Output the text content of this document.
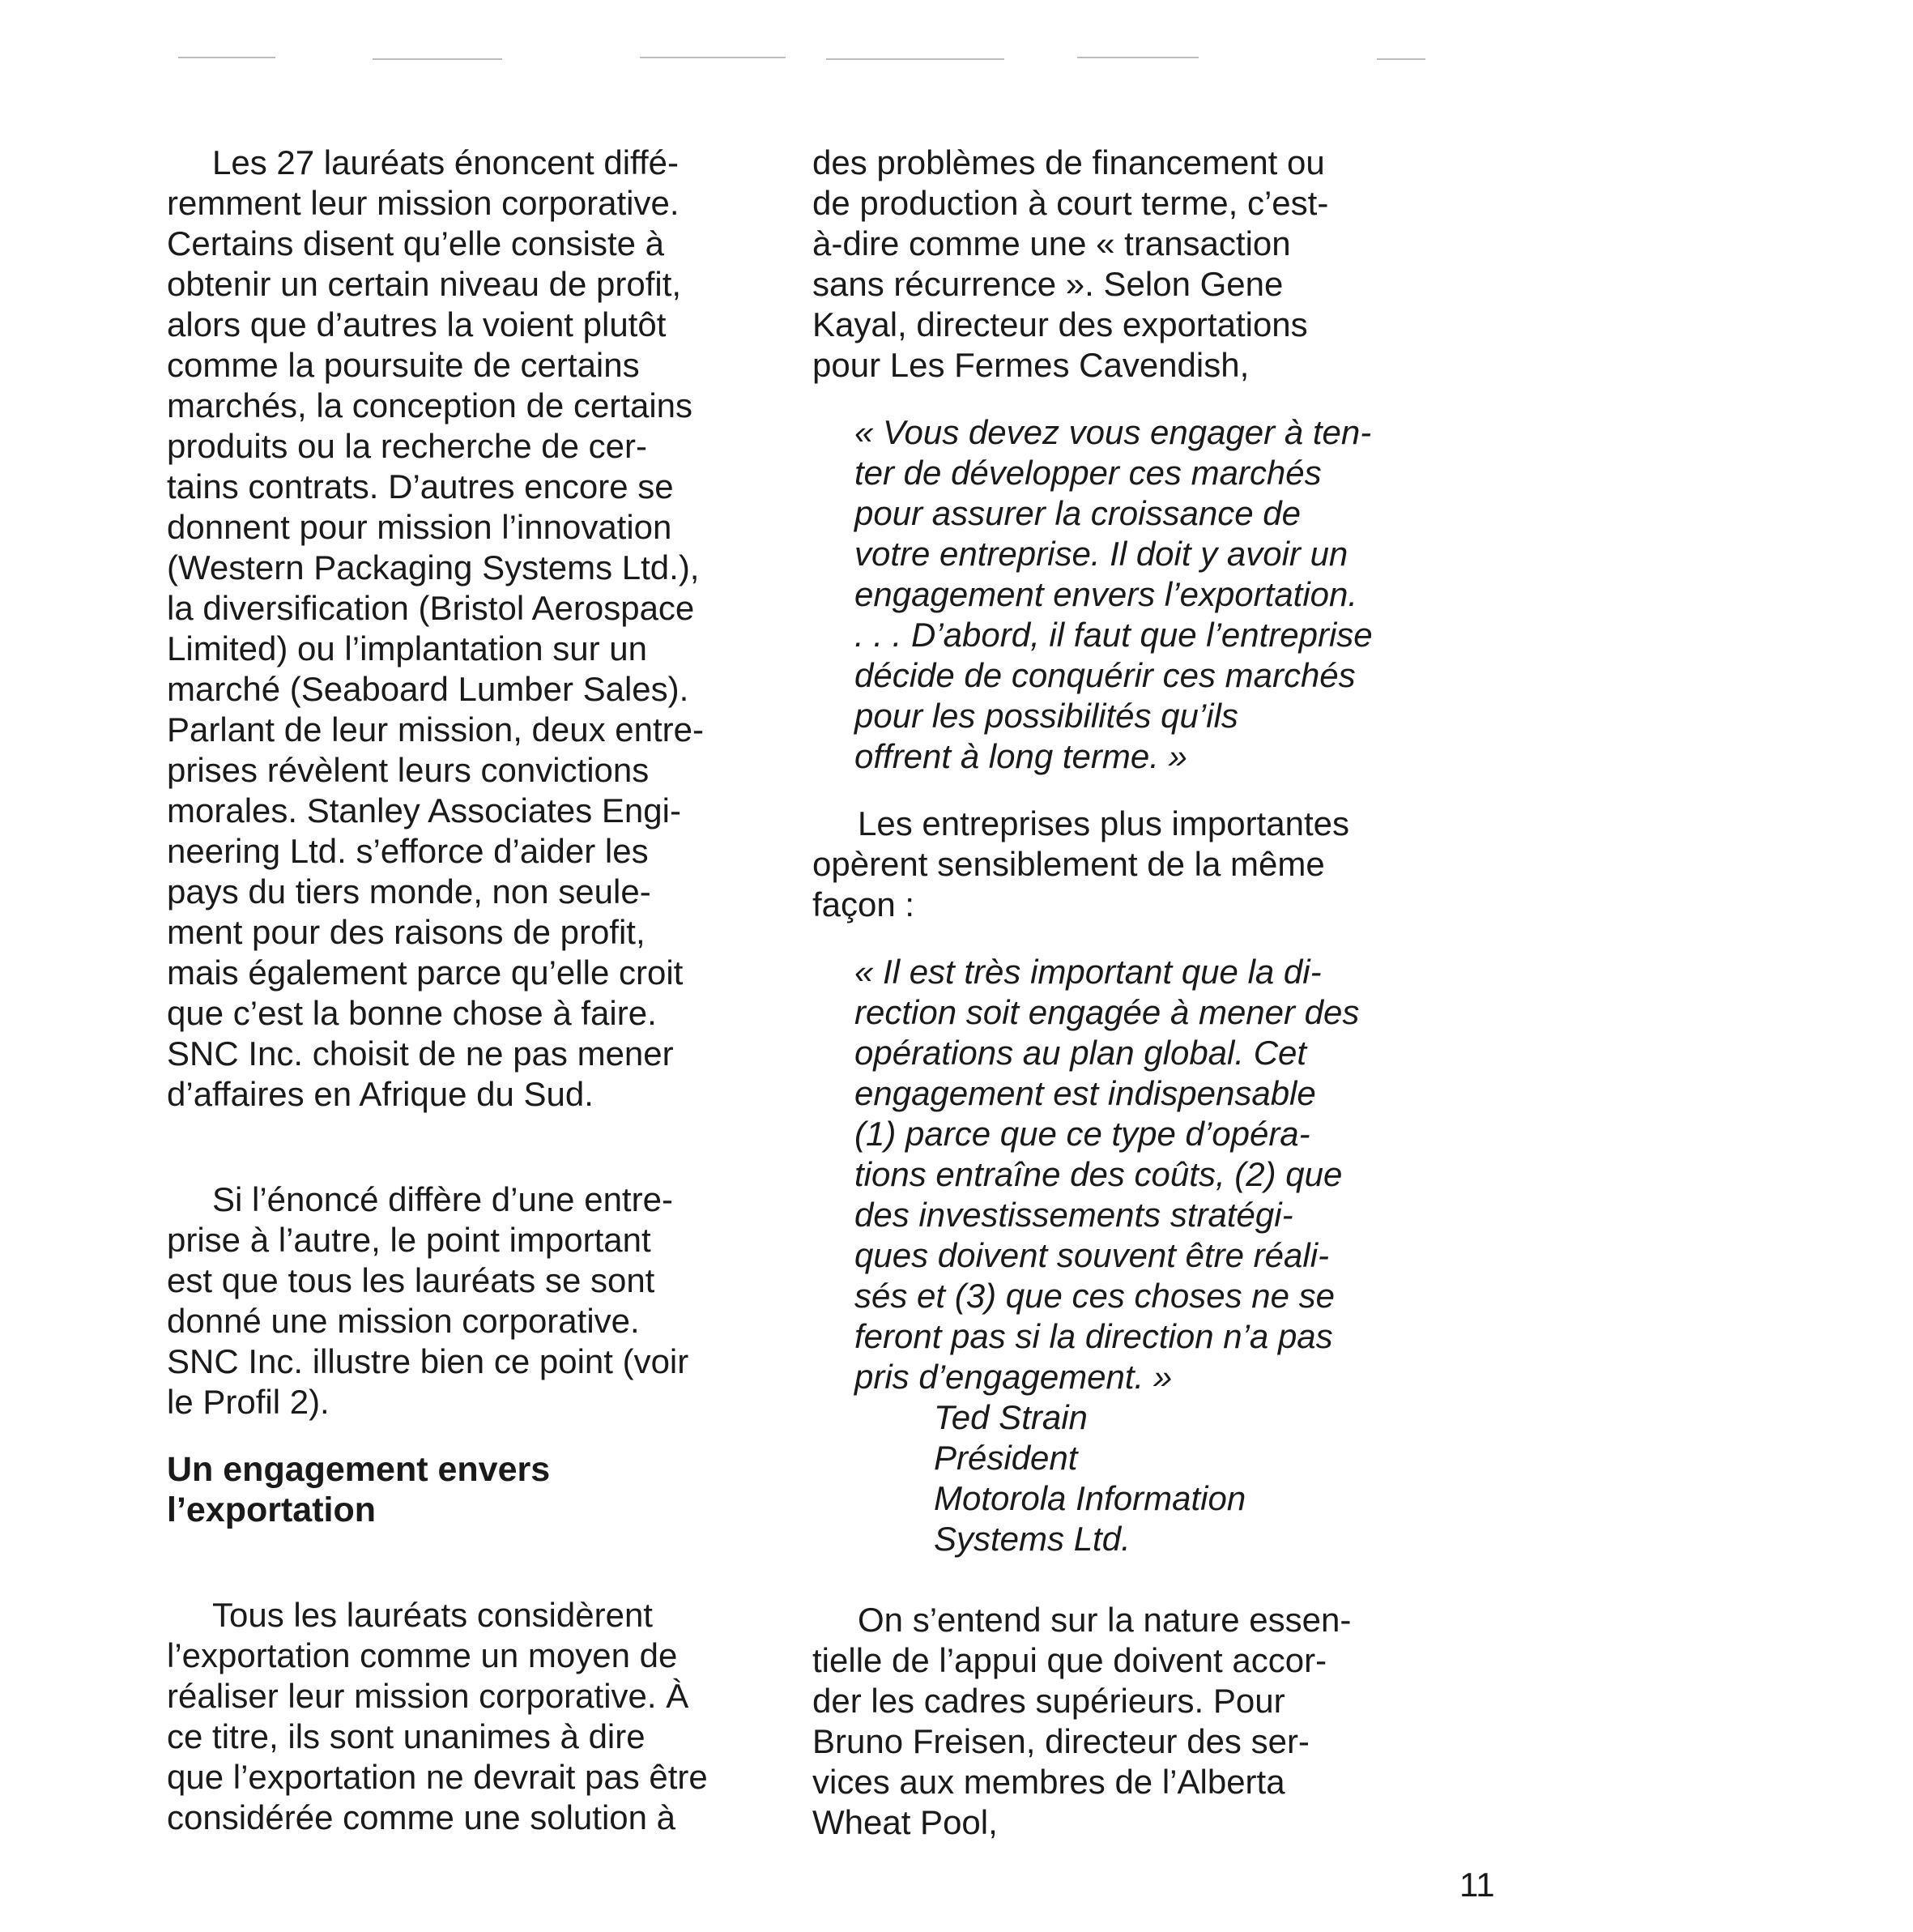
Les 27 lauréats énoncent diffé-
remment leur mission corporative.
Certains disent qu’elle consiste à
obtenir un certain niveau de profit,
alors que d’autres la voient plutôt
comme la poursuite de certains
marchés, la conception de certains
produits ou la recherche de cer-
tains contrats. D’autres encore se
donnent pour mission l’innovation
(Western Packaging Systems Ltd.),
la diversification (Bristol Aerospace
Limited) ou l’implantation sur un
marché (Seaboard Lumber Sales).
Parlant de leur mission, deux entre-
prises révèlent leurs convictions
morales. Stanley Associates Engi-
neering Ltd. s’efforce d’aider les
pays du tiers monde, non seule-
ment pour des raisons de profit,
mais également parce qu’elle croit
que c’est la bonne chose à faire.
SNC Inc. choisit de ne pas mener
d’affaires en Afrique du Sud.
Si l’énoncé diffère d’une entre-
prise à l’autre, le point important
est que tous les lauréats se sont
donné une mission corporative.
SNC Inc. illustre bien ce point (voir
le Profil 2).
Un engagement envers
l’exportation
Tous les lauréats considèrent
l’exportation comme un moyen de
réaliser leur mission corporative. À
ce titre, ils sont unanimes à dire
que l’exportation ne devrait pas être
considérée comme une solution à
des problèmes de financement ou
de production à court terme, c’est-
à-dire comme une « transaction
sans récurrence ». Selon Gene
Kayal, directeur des exportations
pour Les Fermes Cavendish,
« Vous devez vous engager à ten-
ter de développer ces marchés
pour assurer la croissance de
votre entreprise. Il doit y avoir un
engagement envers l’exportation.
. . . D’abord, il faut que l’entreprise
décide de conquérir ces marchés
pour les possibilités qu’ils
offrent à long terme. »
Les entreprises plus importantes
opèrent sensiblement de la même
façon :
« Il est très important que la di-
rection soit engagée à mener des
opérations au plan global. Cet
engagement est indispensable
(1) parce que ce type d’opéra-
tions entraîne des coûts, (2) que
des investissements stratégi-
ques doivent souvent être réali-
sés et (3) que ces choses ne se
feront pas si la direction n’a pas
pris d’engagement. »
Ted Strain
Président
Motorola Information
Systems Ltd.
On s’entend sur la nature essen-
tielle de l’appui que doivent accor-
der les cadres supérieurs. Pour
Bruno Freisen, directeur des ser-
vices aux membres de l’Alberta
Wheat Pool,
11
